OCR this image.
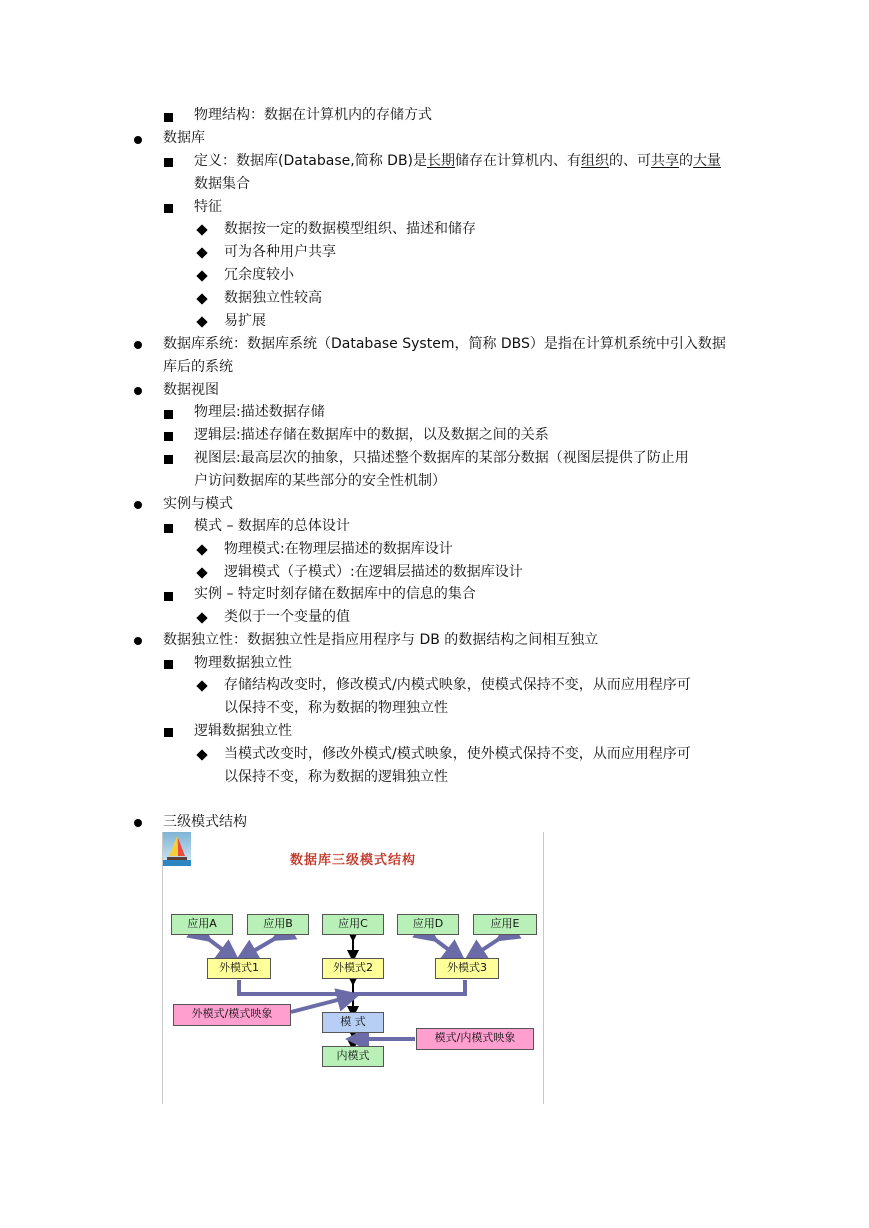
物理结构：数据在计算机内的存储方式
数据库
定义：数据库(Database,简称 DB)是长期储存在计算机内、有组织的、可共享的大量
数据集合
特征
数据按一定的数据模型组织、描述和储存
可为各种用户共享
冗余度较小
数据独立性较高
易扩展
数据库系统：数据库系统（Database System，简称 DBS）是指在计算机系统中引入数据
库后的系统
数据视图
物理层:描述数据存储
逻辑层:描述存储在数据库中的数据，以及数据之间的关系
视图层:最高层次的抽象，只描述整个数据库的某部分数据（视图层提供了防止用
户访问数据库的某些部分的安全性机制）
实例与模式
模式 – 数据库的总体设计
物理模式:在物理层描述的数据库设计
逻辑模式（子模式）:在逻辑层描述的数据库设计
实例 – 特定时刻存储在数据库中的信息的集合
类似于一个变量的值
数据独立性：数据独立性是指应用程序与 DB 的数据结构之间相互独立
物理数据独立性
存储结构改变时，修改模式/内模式映象，使模式保持不变，从而应用程序可
以保持不变，称为数据的物理独立性
逻辑数据独立性
当模式改变时，修改外模式/模式映象，使外模式保持不变，从而应用程序可
以保持不变，称为数据的逻辑独立性
三级模式结构
数据库三级模式结构
应用A	应用B	应用C	应用D	应用E
外模式1	外模式2	外模式3
外模式/模式映象
模 式
模式/内模式映象
内模式
